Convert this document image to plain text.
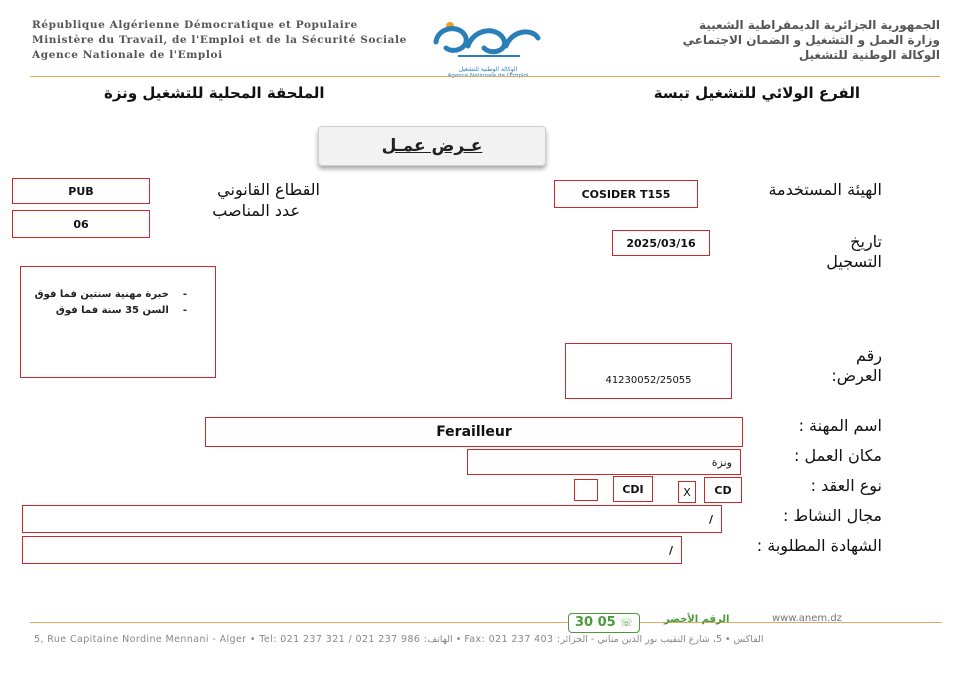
République Algérienne Démocratique et Populaire
Ministère du Travail, de l'Emploi et de la Sécurité Sociale
Agence Nationale de l'Emploi
الوكالة الوطنية للتشغيل
الجمهورية الجزائرية الديمقراطية الشعبية
وزارة العمل و التشغيل و الضمان الاجتماعي
الوكالة الوطنية للتشغيل
الملحقة المحلية للتشغيل ونزة	الفرع الولائي للتشغيل تبسة
عـرض عمـل
القطاع القانوني
PUB
عدد المناصب
06
الهيئة المستخدمة
COSIDER T155
تاريخ
التسجيل
2025/03/16
- خبرة مهنية سنتين فما فوق
- السن 35 سنة فما فوق
رقم
العرض:
41230052/25055
اسم المهنة :
Ferailleur
مكان العمل :
ونزة
نوع العقد :
CD
X
CDI
مجال النشاط :
/
الشهادة المطلوبة :
/
30 05 ☏	الرقم الأخضر	www.anem.dz
5, Rue Capitaine Nordine Mennani - Alger • Tel: 021 237 321 / 021 237 986 :الهاتف • Fax: 021 237 403 :الفاكس • 5، شارع النقيب نور الدين مناني - الجزائر
